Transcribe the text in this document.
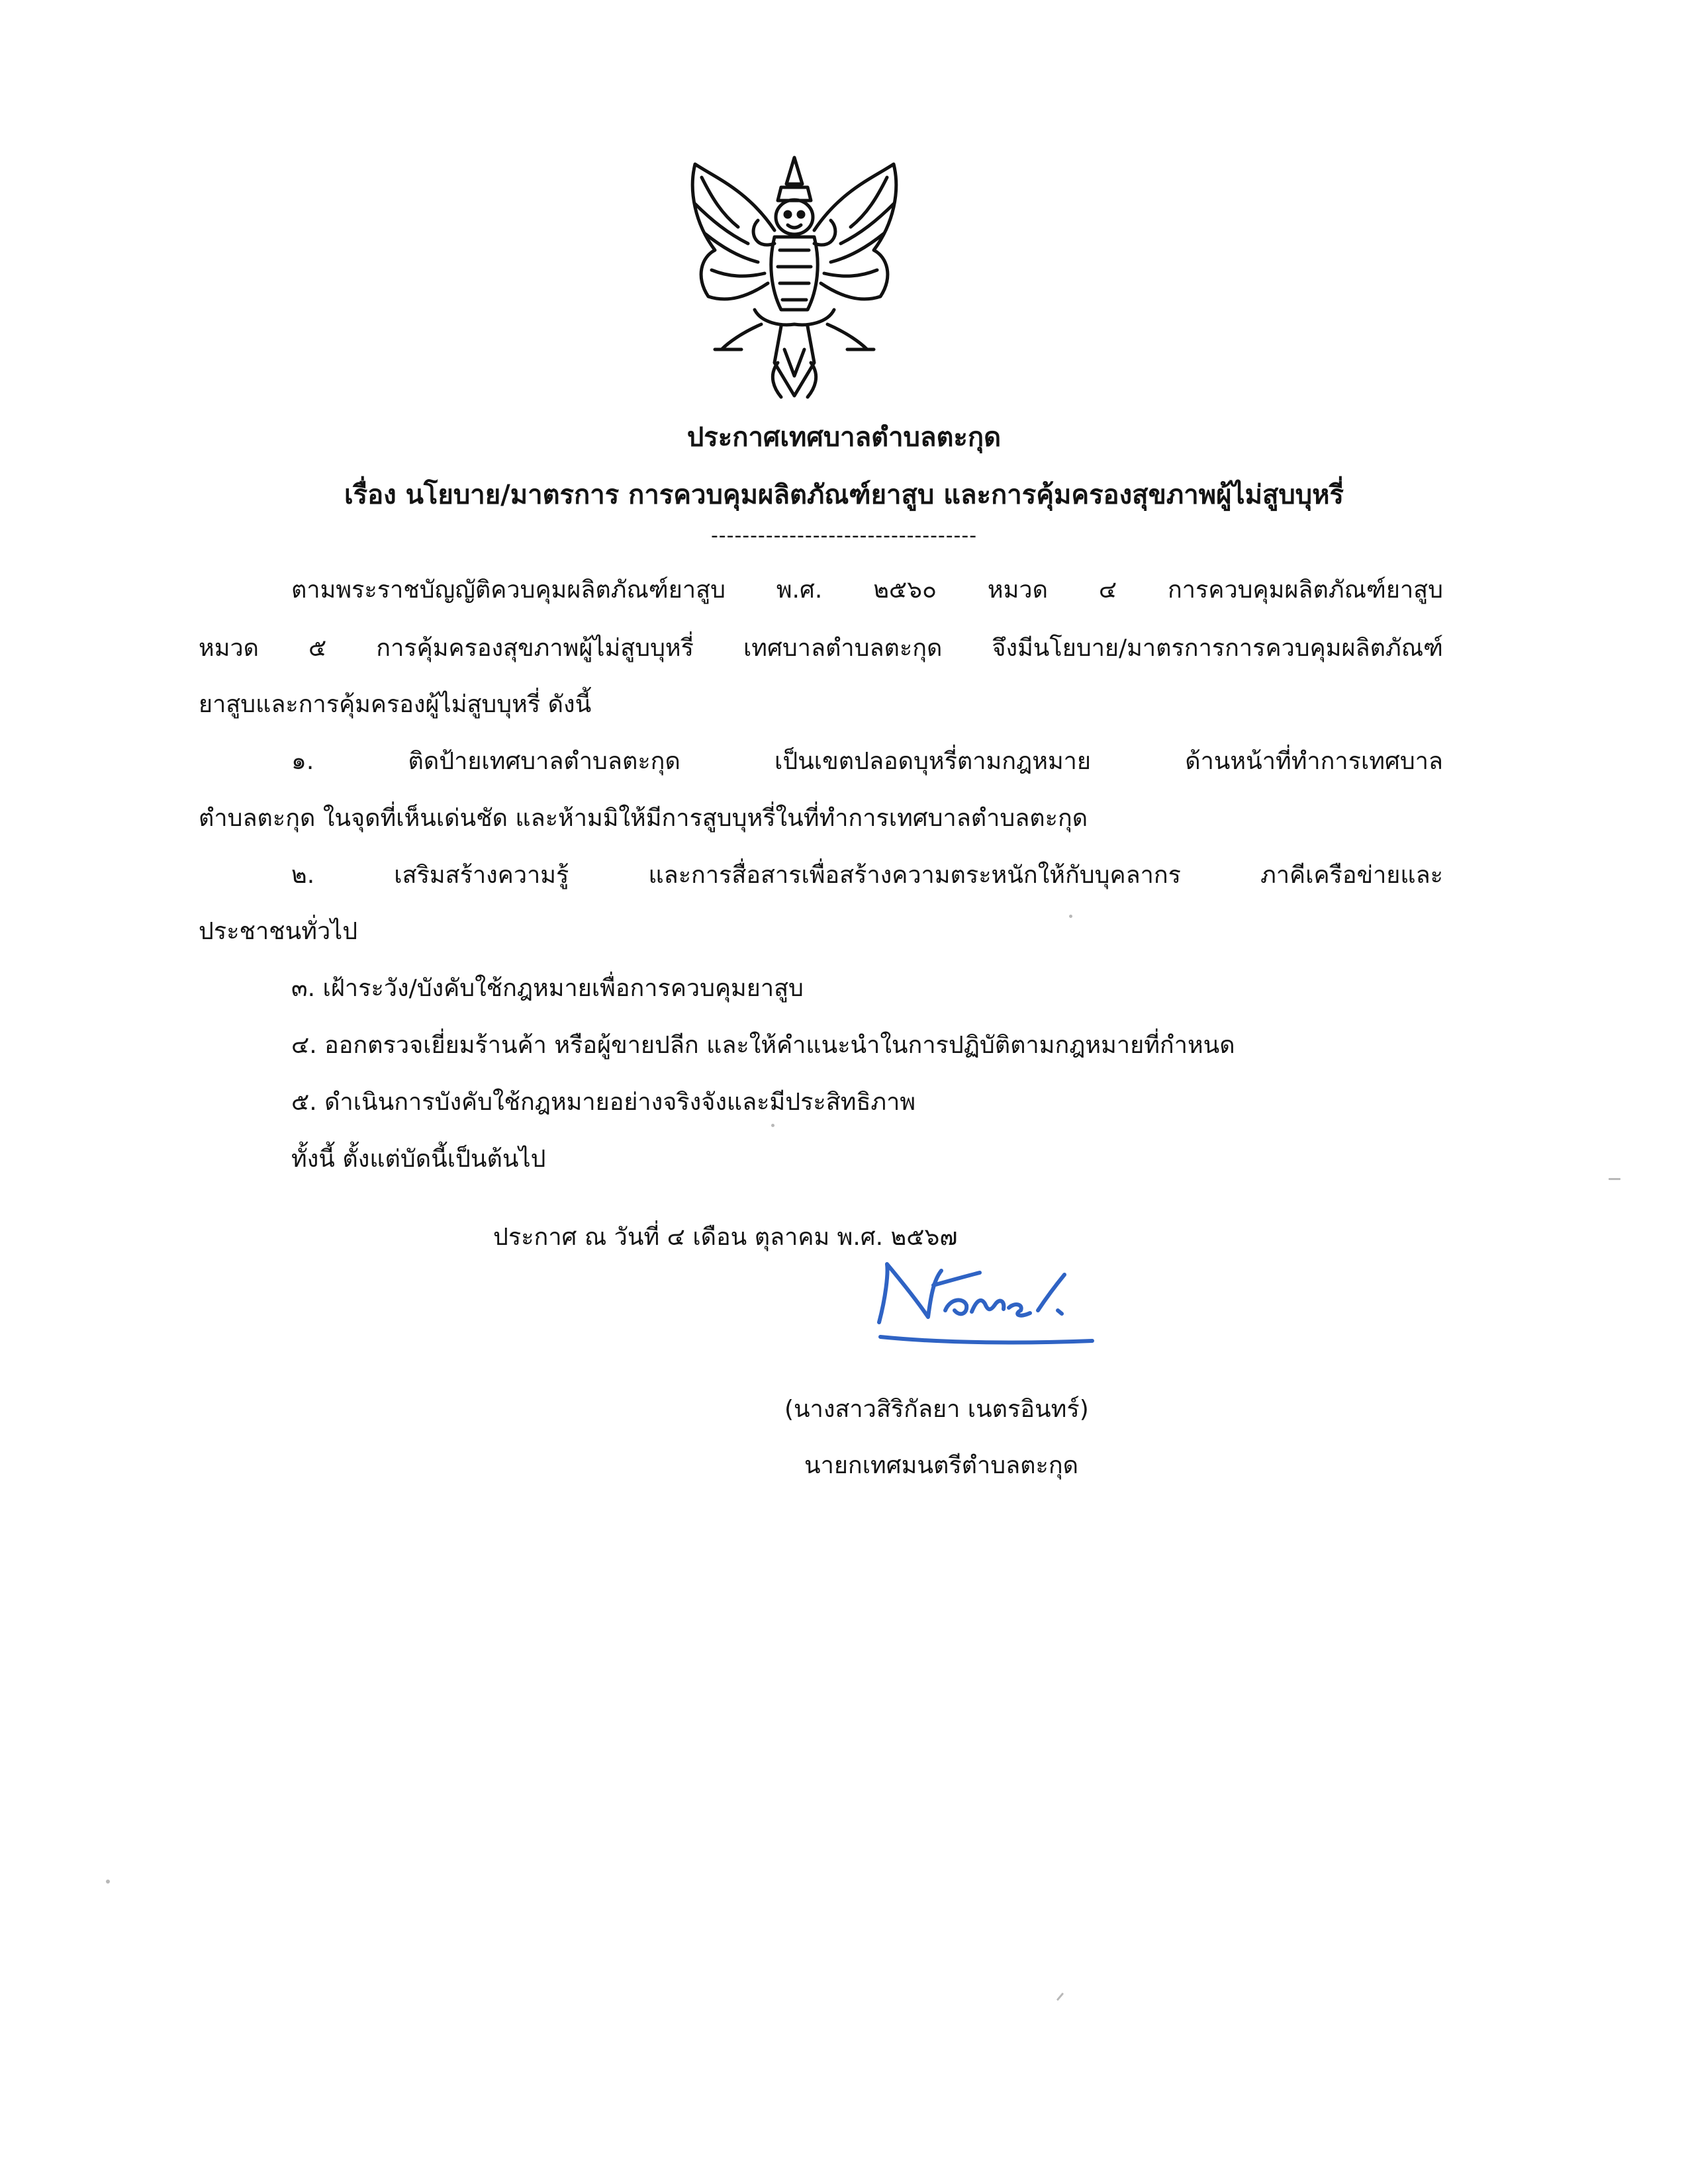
ประกาศเทศบาลตำบลตะกุด
เรื่อง นโยบาย/มาตรการ การควบคุมผลิตภัณฑ์ยาสูบ และการคุ้มครองสุขภาพผู้ไม่สูบบุหรี่
----------------------------------
ตามพระราชบัญญัติควบคุมผลิตภัณฑ์ยาสูบ พ.ศ. ๒๕๖๐ หมวด ๔ การควบคุมผลิตภัณฑ์ยาสูบ
หมวด ๕ การคุ้มครองสุขภาพผู้ไม่สูบบุหรี่ เทศบาลตำบลตะกุด จึงมีนโยบาย/มาตรการการควบคุมผลิตภัณฑ์
ยาสูบและการคุ้มครองผู้ไม่สูบบุหรี่ ดังนี้
๑. ติดป้ายเทศบาลตำบลตะกุด เป็นเขตปลอดบุหรี่ตามกฎหมาย ด้านหน้าที่ทำการเทศบาล
ตำบลตะกุด ในจุดที่เห็นเด่นชัด และห้ามมิให้มีการสูบบุหรี่ในที่ทำการเทศบาลตำบลตะกุด
๒. เสริมสร้างความรู้ และการสื่อสารเพื่อสร้างความตระหนักให้กับบุคลากร ภาคีเครือข่ายและ
ประชาชนทั่วไป
๓. เฝ้าระวัง/บังคับใช้กฎหมายเพื่อการควบคุมยาสูบ
๔. ออกตรวจเยี่ยมร้านค้า หรือผู้ขายปลีก และให้คำแนะนำในการปฏิบัติตามกฎหมายที่กำหนด
๕. ดำเนินการบังคับใช้กฎหมายอย่างจริงจังและมีประสิทธิภาพ
ทั้งนี้ ตั้งแต่บัดนี้เป็นต้นไป
ประกาศ ณ วันที่ ๔ เดือน ตุลาคม พ.ศ. ๒๕๖๗
(นางสาวสิริกัลยา เนตรอินทร์)
นายกเทศมนตรีตำบลตะกุด
